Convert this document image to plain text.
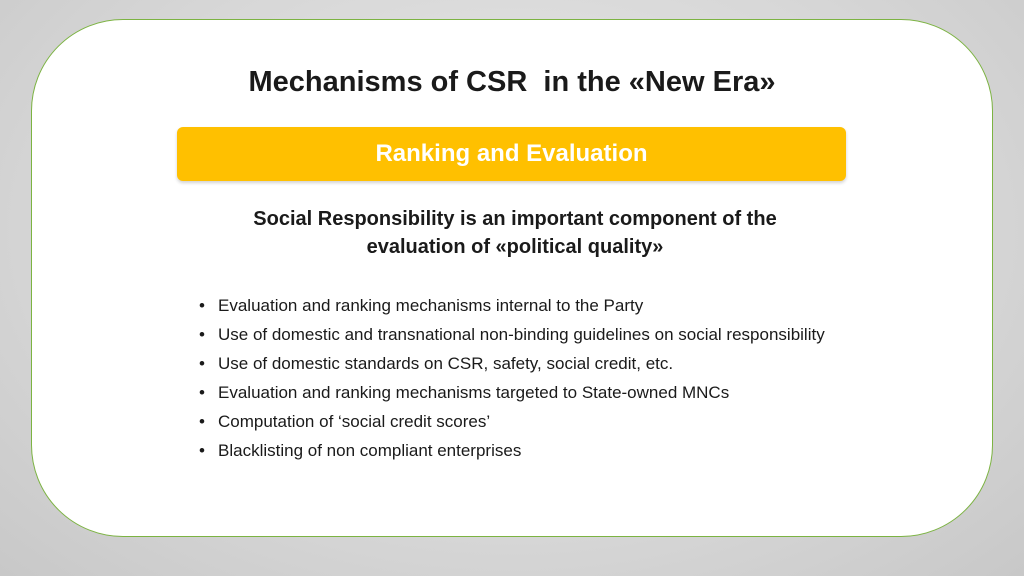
Mechanisms of CSR  in the «New Era»
Ranking and Evaluation

Social Responsibility is an important component of the
evaluation of «political quality»

• Evaluation and ranking mechanisms internal to the Party
• Use of domestic and transnational non-binding guidelines on social responsibility
• Use of domestic standards on CSR, safety, social credit, etc.
• Evaluation and ranking mechanisms targeted to State-owned MNCs
• Computation of ‘social credit scores’
• Blacklisting of non compliant enterprises
